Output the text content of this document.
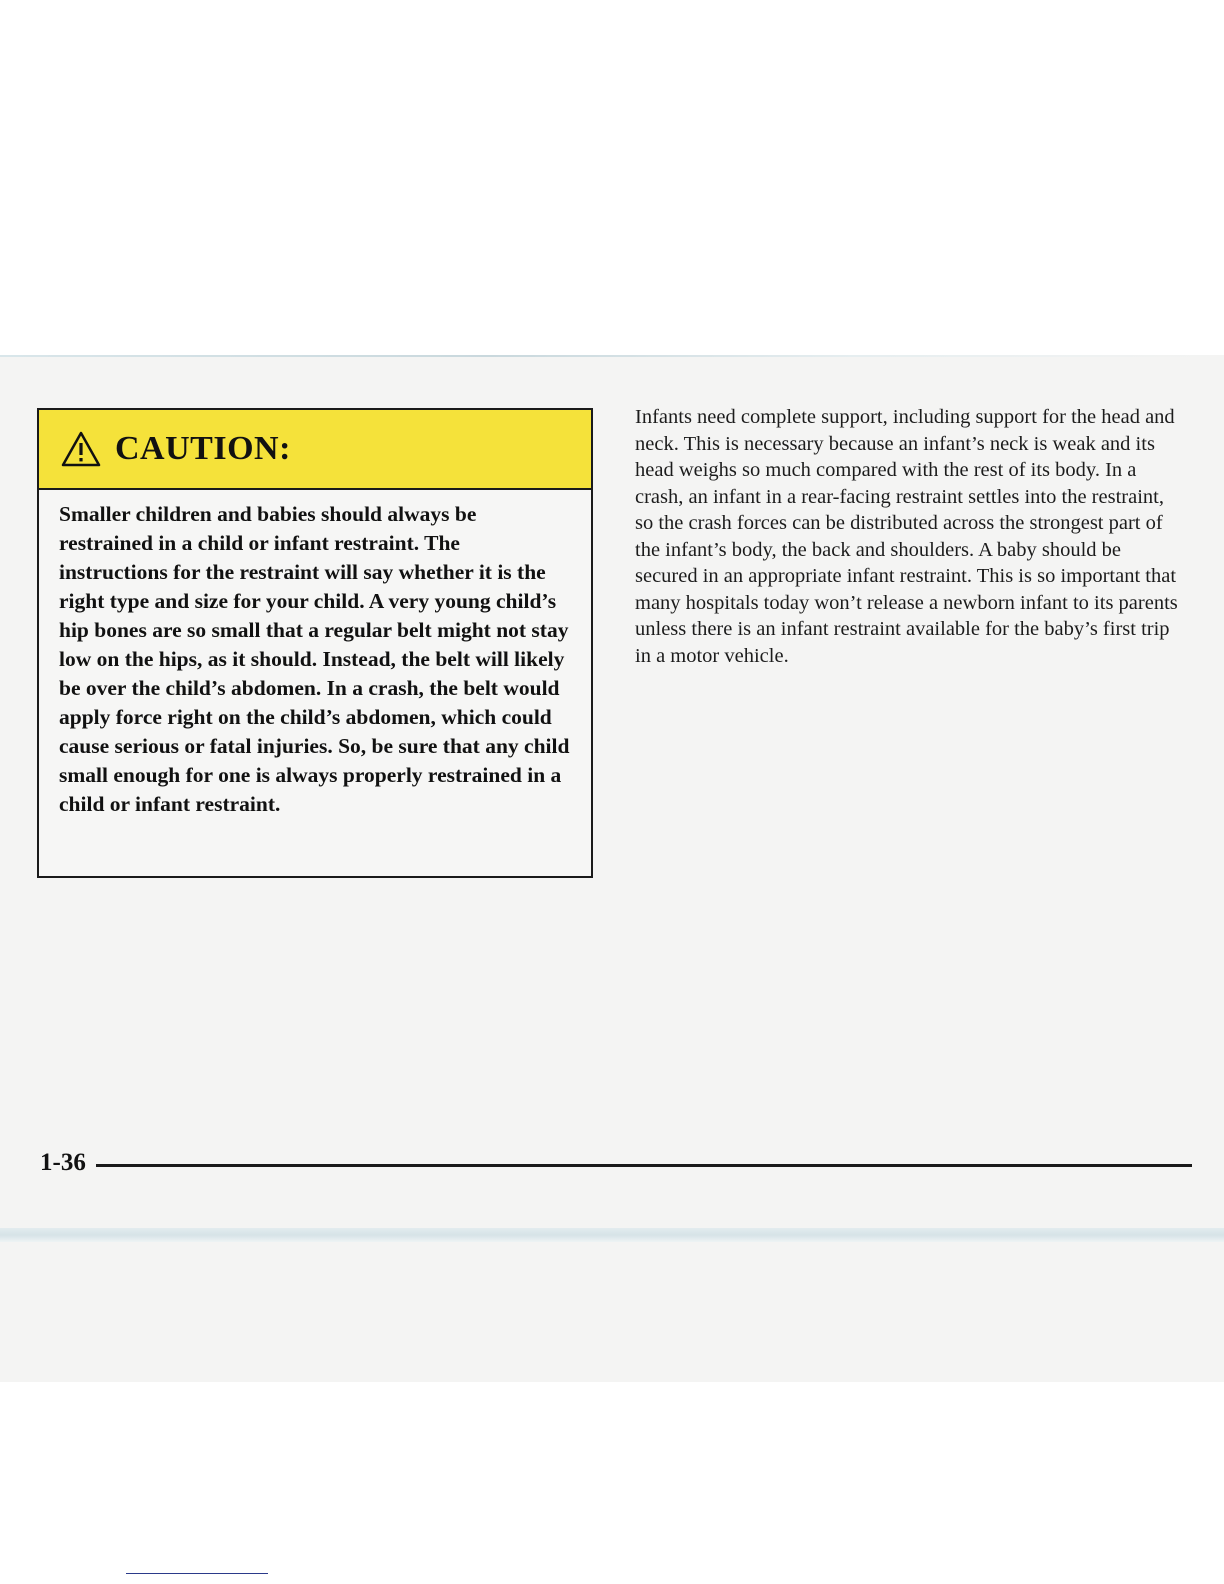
CAUTION:

Smaller children and babies should always be restrained in a child or infant restraint. The instructions for the restraint will say whether it is the right type and size for your child. A very young child’s hip bones are so small that a regular belt might not stay low on the hips, as it should. Instead, the belt will likely be over the child’s abdomen. In a crash, the belt would apply force right on the child’s abdomen, which could cause serious or fatal injuries. So, be sure that any child small enough for one is always properly restrained in a child or infant restraint.

Infants need complete support, including support for the head and neck. This is necessary because an infant’s neck is weak and its head weighs so much compared with the rest of its body. In a crash, an infant in a rear-facing restraint settles into the restraint, so the crash forces can be distributed across the strongest part of the infant’s body, the back and shoulders. A baby should be secured in an appropriate infant restraint. This is so important that many hospitals today won’t release a newborn infant to its parents unless there is an infant restraint available for the baby’s first trip in a motor vehicle.

1-36
